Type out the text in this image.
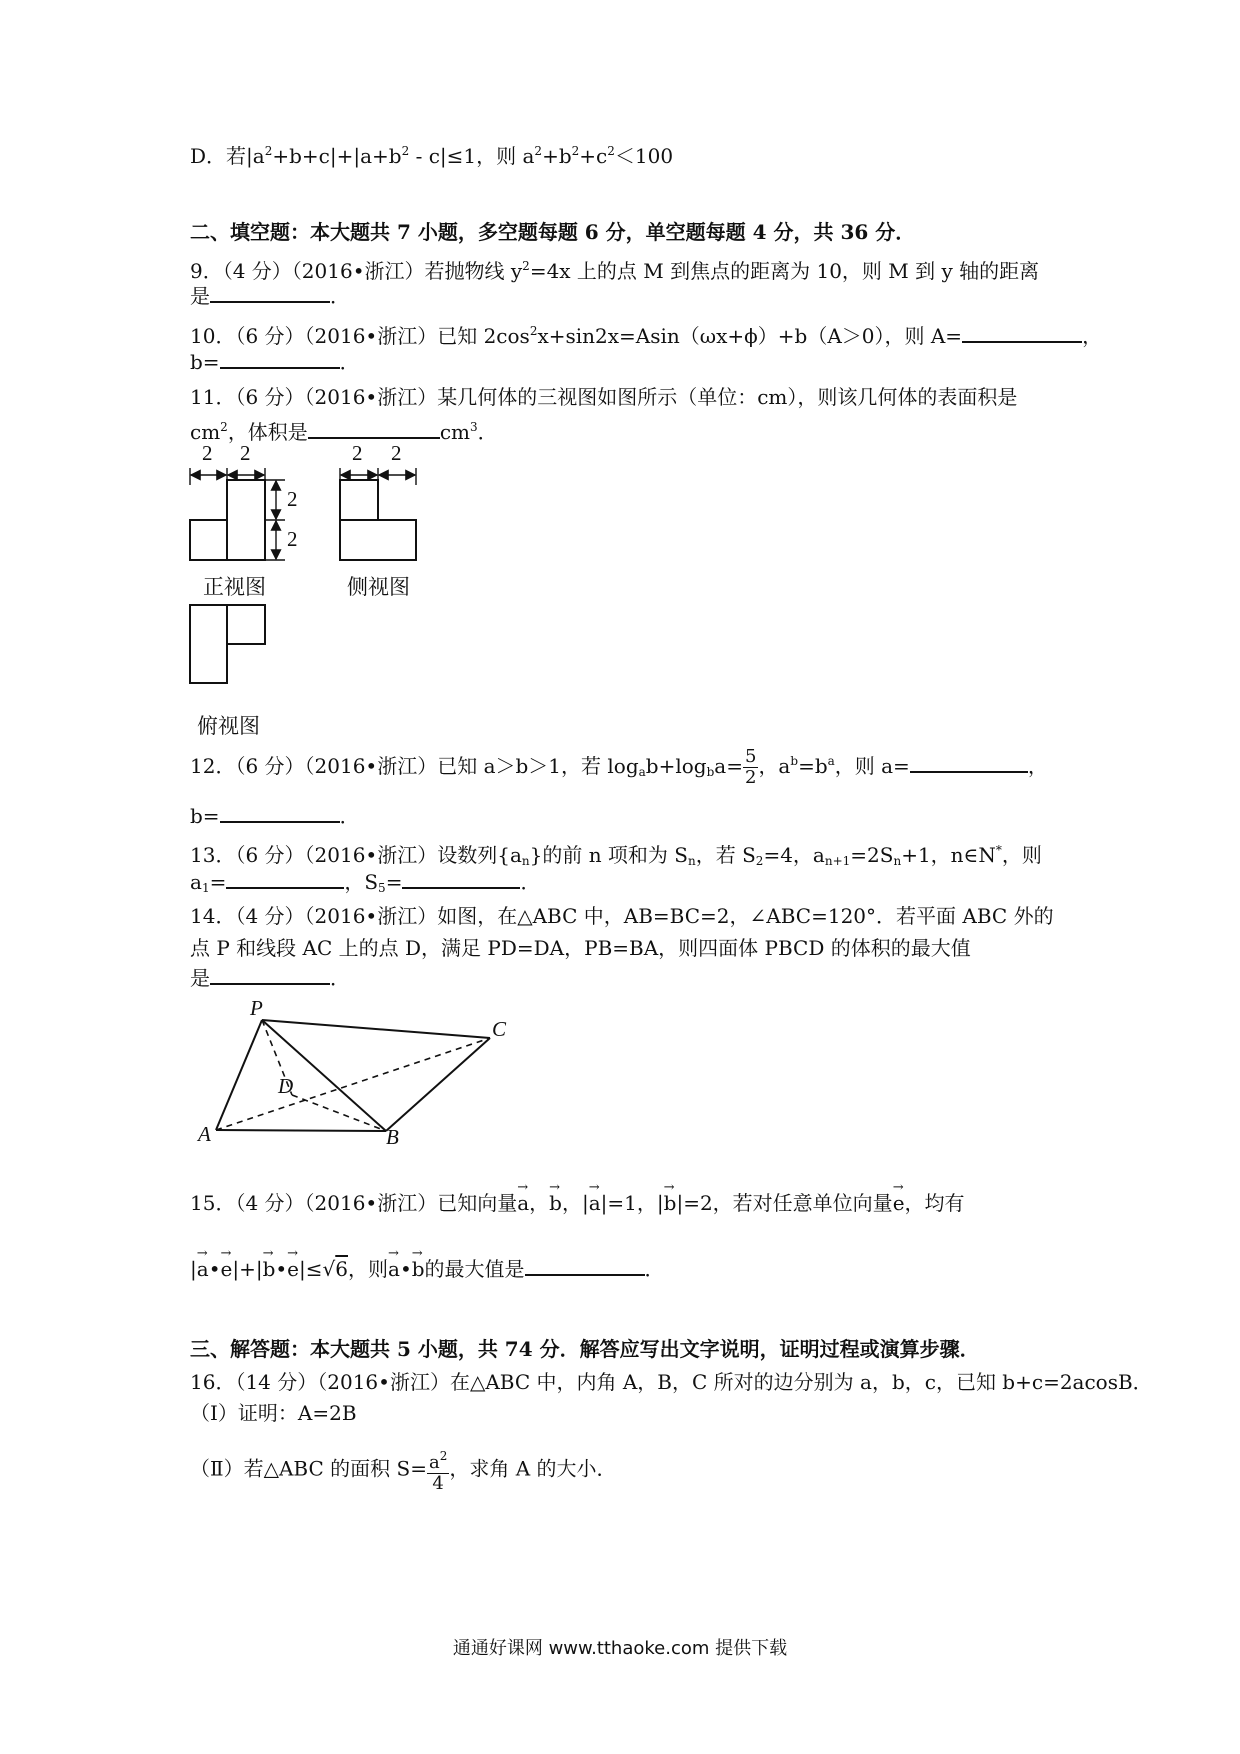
D．若$|a^2+b+c|+|a+b^2 - c|\le 1$，则 $a^2+b^2+c^2<100$
二、填空题：本大题共 7 小题，多空题每题 6 分，单空题每题 4 分，共 36 分．
9．（4 分）（2016•浙江）若抛物线 $y^2=4x$ 上的点 M 到焦点的距离为 10，则 M 到 y 轴的距离
是	．
10．（6 分）（2016•浙江）已知 $2\cos^2x+\sin 2x=Asin(\omega x+\phi)+b(A>0)$，则 A=	，
b=	．
11．（6 分）（2016•浙江）某几何体的三视图如图所示（单位：cm），则该几何体的表面积是
$cm^2$，体积是	$cm^3$．
2 2
2
2
2 2
正视图	侧视图
俯视图
12．（6 分）（2016•浙江）已知 a＞b＞1，若 $\log_ab+\log_ba= \frac{5}{2}$ ，$a^b=b^a$，则 a=	，
b=	．
13．（6 分）（2016•浙江）设数列$\{a_n\}$的前 n 项和为 $S_n$，若 $S_2=4$，$a_{n+1}=2S_n+1$，n∈N*，则
$a_1=$	，$S_5=$	．
14．（4 分）（2016•浙江）如图，在△ABC 中，AB=BC=2，∠ABC=120°．若平面 ABC 外的
点 P 和线段 AC 上的点 D，满足 PD=DA，PB=BA，则四面体 PBCD 的体积的最大值
是	．
P
C
D
A	B
15．（4 分）（2016•浙江）已知向量→ a，→ b，|→ a|=1，|→ b|=2，若对任意单位向量→ e，均有
|→ a•→ e|+|→ b•→ e|≤√6，则→ a•→ b的最大值是	．
三、解答题：本大题共 5 小题，共 74 分．解答应写出文字说明，证明过程或演算步骤．
16．（14 分）（2016•浙江）在△ABC 中，内角 A，B，C 所对的边分别为 a，b，c，已知 b+c=2acosB．
（Ⅰ）证明：A=2B
（Ⅱ）若△ABC 的面积 $S= \frac{a^2}{4}$ ，求角 A 的大小．
通通好课网 www.tthaoke.com 提供下载
